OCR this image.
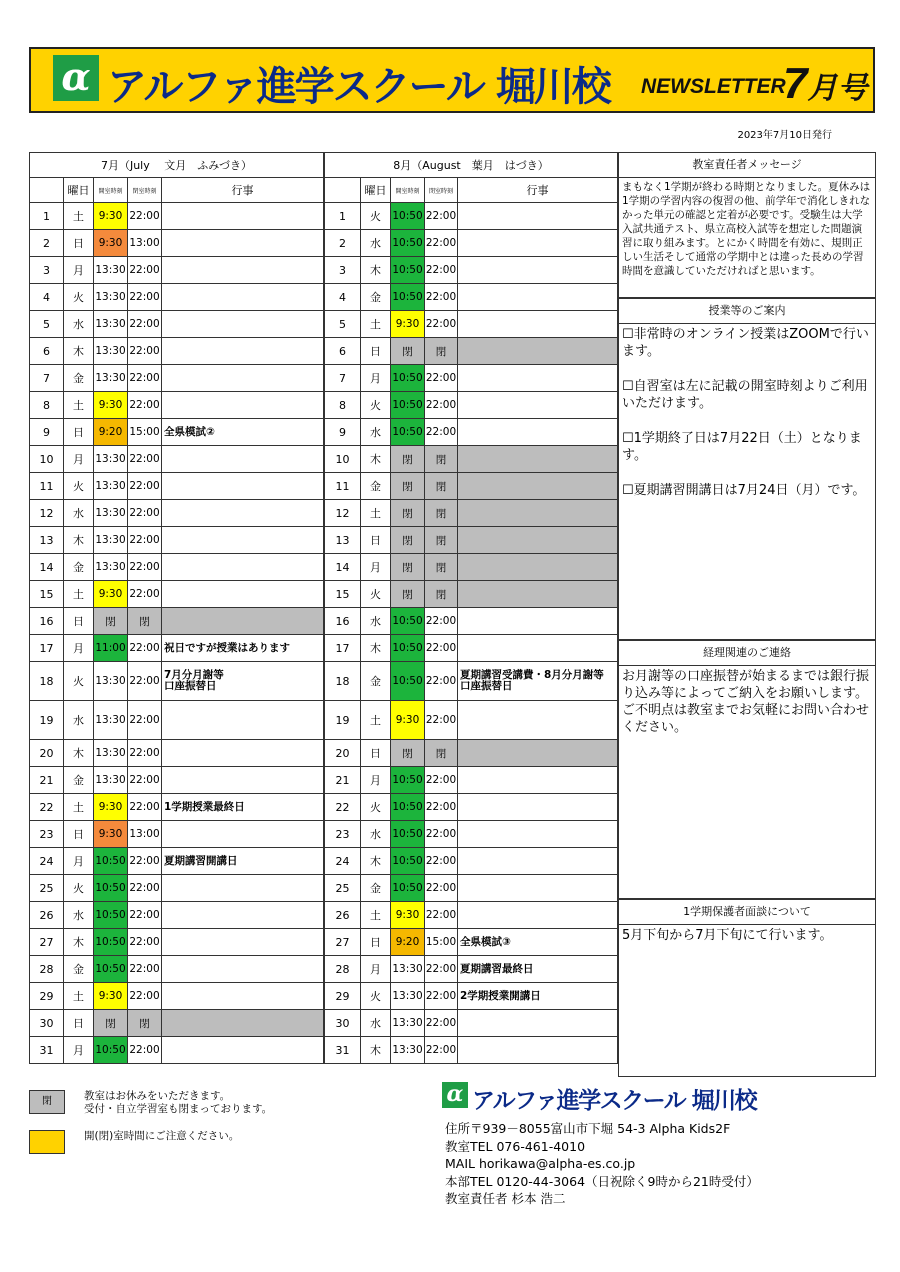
α アルファ進学スクール 堀川校 NEWSLETTER
7月号
2023年7月10日発行
7月（July　 文月　ふみづき）				
	曜日	開室時刻	閉室時刻	行事
1	土	9:30	22:00	
2	日	9:30	13:00	
3	月	13:30	22:00	
4	火	13:30	22:00	
5	水	13:30	22:00	
6	木	13:30	22:00	
7	金	13:30	22:00	
8	土	9:30	22:00	
9	日	9:20	15:00	全県模試②
10	月	13:30	22:00	
11	火	13:30	22:00	
12	水	13:30	22:00	
13	木	13:30	22:00	
14	金	13:30	22:00	
15	土	9:30	22:00	
16	日	閉	閉	
17	月	11:00	22:00	祝日ですが授業はあります
18	火	13:30	22:00	7月分月謝等
口座振替日
19	水	13:30	22:00	
20	木	13:30	22:00	
21	金	13:30	22:00	
22	土	9:30	22:00	1学期授業最終日
23	日	9:30	13:00	
24	月	10:50	22:00	夏期講習開講日
25	火	10:50	22:00	
26	水	10:50	22:00	
27	木	10:50	22:00	
28	金	10:50	22:00	
29	土	9:30	22:00	
30	日	閉	閉	
31	月	10:50	22:00	
8月（August　葉月　はづき）				
	曜日	開室時刻	閉室時刻	行事
1	火	10:50	22:00	
2	水	10:50	22:00	
3	木	10:50	22:00	
4	金	10:50	22:00	
5	土	9:30	22:00	
6	日	閉	閉	
7	月	10:50	22:00	
8	火	10:50	22:00	
9	水	10:50	22:00	
10	木	閉	閉	
11	金	閉	閉	
12	土	閉	閉	
13	日	閉	閉	
14	月	閉	閉	
15	火	閉	閉	
16	水	10:50	22:00	
17	木	10:50	22:00	
18	金	10:50	22:00	夏期講習受講費・8月分月謝等
口座振替日
19	土	9:30	22:00	
20	日	閉	閉	
21	月	10:50	22:00	
22	火	10:50	22:00	
23	水	10:50	22:00	
24	木	10:50	22:00	
25	金	10:50	22:00	
26	土	9:30	22:00	
27	日	9:20	15:00	全県模試③
28	月	13:30	22:00	夏期講習最終日
29	火	13:30	22:00	2学期授業開講日
30	水	13:30	22:00	
31	木	13:30	22:00	
教室責任者メッセージ
まもなく1学期が終わる時期となりました。夏休みは1学期の学習内容の復習の他、前学年で消化しきれなかった単元の確認と定着が必要です。受験生は大学入試共通テスト、県立高校入試等を想定した問題演習に取り組みます。とにかく時間を有効に、規則正しい生活そして通常の学期中とは違った長めの学習時間を意識していただければと思います。
授業等のご案内

☐非常時のオンライン授業はZOOMで行います。

☐自習室は左に記載の開室時刻よりご利用いただけます。

☐1学期終了日は7月22日（土）となります。

☐夏期講習開講日は7月24日（月）です。

経理関連のご連絡
お月謝等の口座振替が始まるまでは銀行振り込み等によってご納入をお願いします。ご不明点は教室までお気軽にお問い合わせください。
1学期保護者面談について
5月下旬から7月下旬にて行います。
閉	教室はお休みをいただきます。
受付・自立学習室も閉まっております。
開(閉)室時間にご注意ください。
α アルファ進学スクール 堀川校
住所〒939－8055富山市下堀 54-3 Alpha Kids2F
教室TEL 076-461-4010
MAIL horikawa@alpha-es.co.jp
本部TEL 0120-44-3064（日祝除く9時から21時受付）
教室責任者 杉本 浩二
